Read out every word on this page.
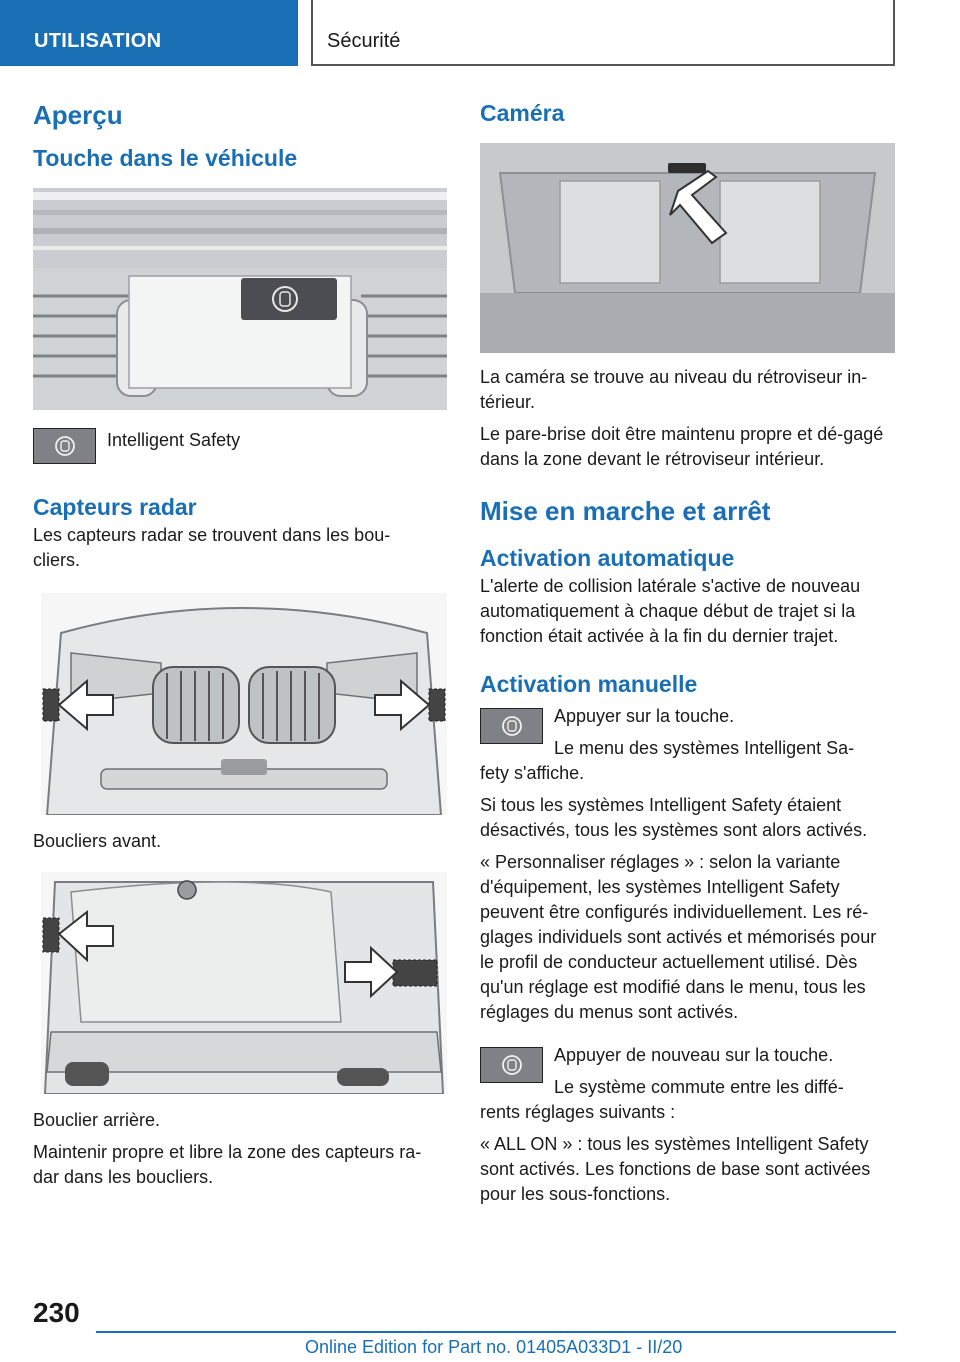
UTILISATION	Sécurité
Aperçu
Touche dans le véhicule

Intelligent Safety

Capteurs radar

Les capteurs radar se trouvent dans les bou-
cliers.

Boucliers avant.

Bouclier arrière.

Maintenir propre et libre la zone des capteurs ra-dar dans les boucliers.

Caméra

La caméra se trouve au niveau du rétroviseur in-térieur.

Le pare-brise doit être maintenu propre et dé-gagé dans la zone devant le rétroviseur intérieur.

Mise en marche et arrêt
Activation automatique

L'alerte de collision latérale s'active de nouveau automatiquement à chaque début de trajet si la fonction était activée à la fin du dernier trajet.

Activation manuelle

Appuyer sur la touche.

Le menu des systèmes Intelligent Sa-

fety s'affiche.

Si tous les systèmes Intelligent Safety étaient désactivés, tous les systèmes sont alors activés.

« Personnaliser réglages » : selon la variante d'équipement, les systèmes Intelligent Safety peuvent être configurés individuellement. Les ré-glages individuels sont activés et mémorisés pour le profil de conducteur actuellement utilisé. Dès qu'un réglage est modifié dans le menu, tous les réglages du menus sont activés.

Appuyer de nouveau sur la touche.

Le système commute entre les diffé-

rents réglages suivants :

« ALL ON » : tous les systèmes Intelligent Safety sont activés. Les fonctions de base sont activées pour les sous-fonctions.

230
Online Edition for Part no. 01405A033D1 - II/20
